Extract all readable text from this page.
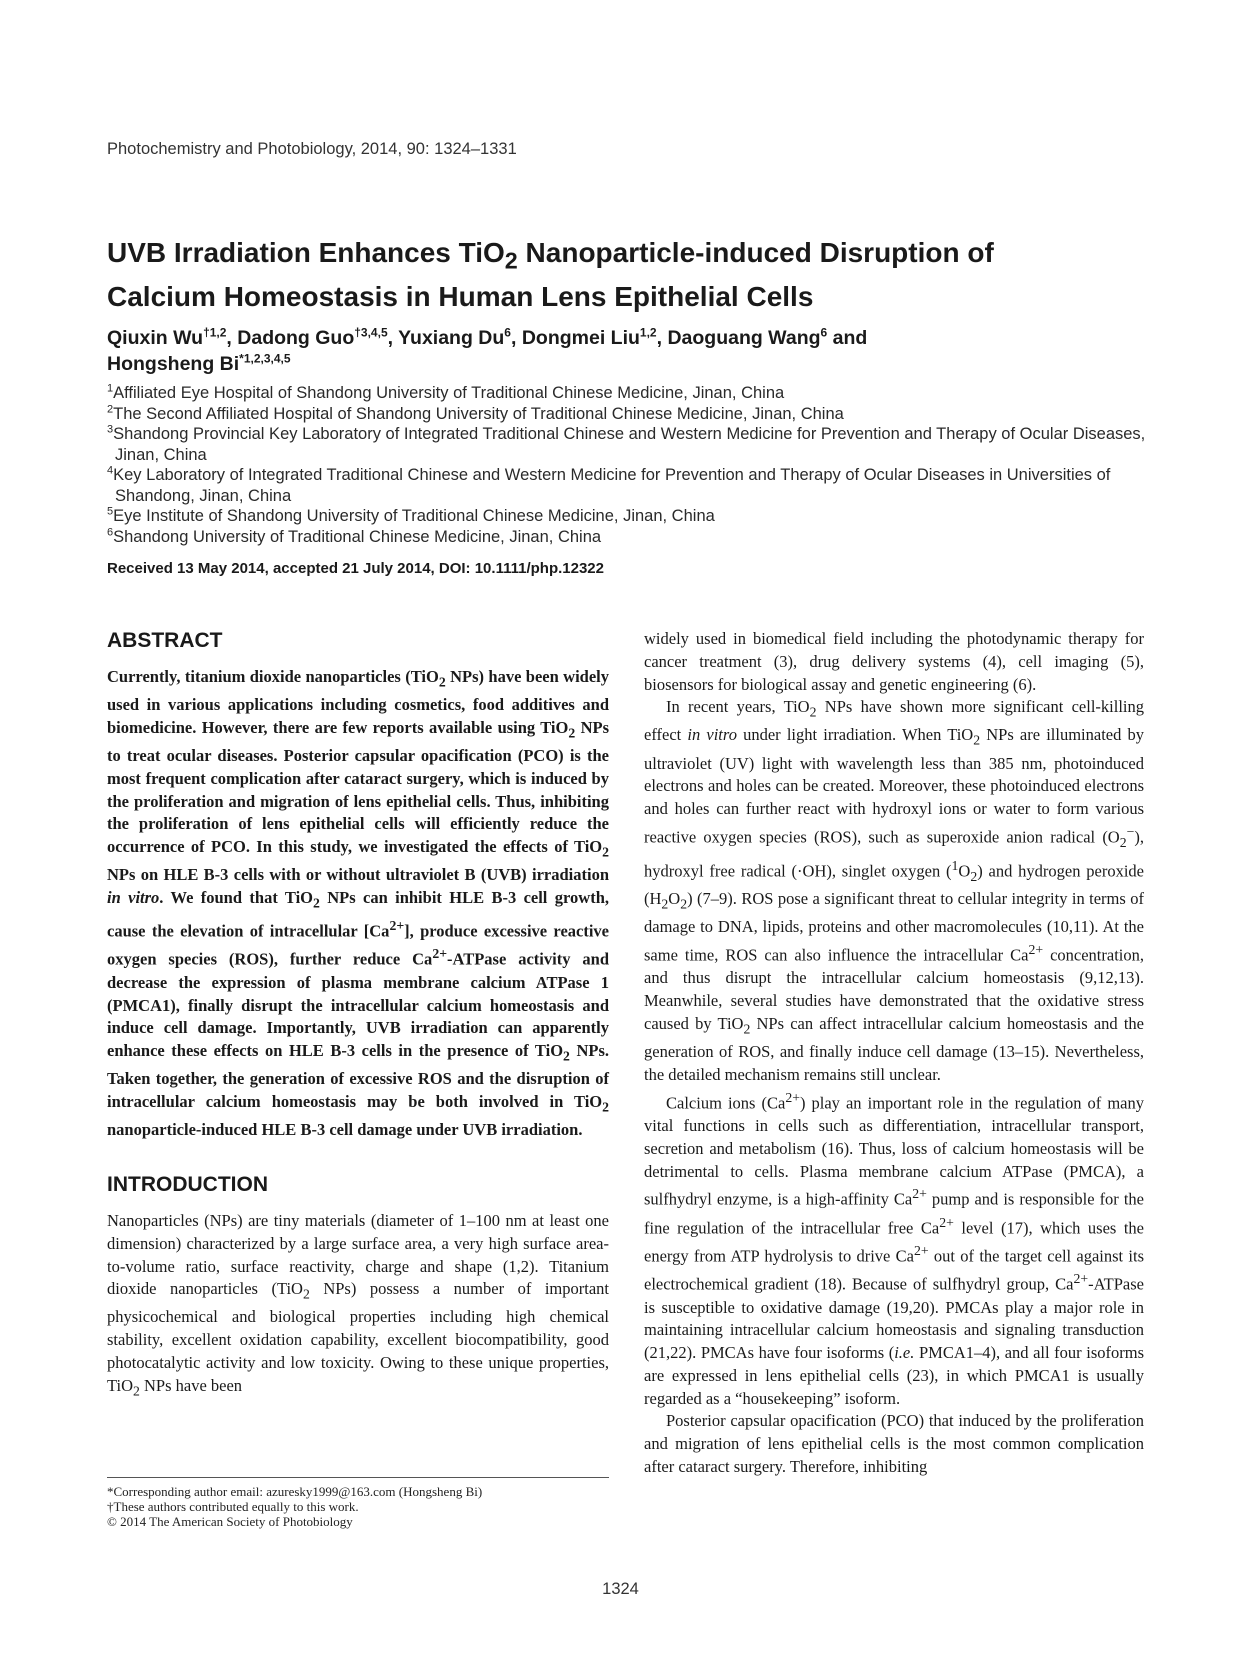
Photochemistry and Photobiology, 2014, 90: 1324–1331
UVB Irradiation Enhances TiO$_2$ Nanoparticle-induced Disruption of
Calcium Homeostasis in Human Lens Epithelial Cells
Qiuxin Wu$^{\dagger 1,2}$, Dadong Guo$^{\dagger 3,4,5}$, Yuxiang Du$^6$, Dongmei Liu$^{1,2}$, Daoguang Wang$^6$ and
Hongsheng Bi$^{*1,2,3,4,5}$
$^1$Affiliated Eye Hospital of Shandong University of Traditional Chinese Medicine, Jinan, China
$^2$The Second Affiliated Hospital of Shandong University of Traditional Chinese Medicine, Jinan, China
$^3$Shandong Provincial Key Laboratory of Integrated Traditional Chinese and Western Medicine for Prevention and Therapy of Ocular Diseases, Jinan, China
$^4$Key Laboratory of Integrated Traditional Chinese and Western Medicine for Prevention and Therapy of Ocular Diseases in Universities of Shandong, Jinan, China
$^5$Eye Institute of Shandong University of Traditional Chinese Medicine, Jinan, China
$^6$Shandong University of Traditional Chinese Medicine, Jinan, China
Received 13 May 2014, accepted 21 July 2014, DOI: 10.1111/php.12322
ABSTRACT

Currently, titanium dioxide nanoparticles (TiO$_2$ NPs) have been widely used in various applications including cosmetics, food additives and biomedicine. However, there are few reports available using TiO$_2$ NPs to treat ocular diseases. Posterior capsular opacification (PCO) is the most frequent complication after cataract surgery, which is induced by the proliferation and migration of lens epithelial cells. Thus, inhibiting the proliferation of lens epithelial cells will efficiently reduce the occurrence of PCO. In this study, we investigated the effects of TiO$_2$ NPs on HLE B-3 cells with or without ultraviolet B (UVB) irradiation in vitro. We found that TiO$_2$ NPs can inhibit HLE B-3 cell growth, cause the elevation of intracellular $[Ca^{2+}]$, produce excessive reactive oxygen species (ROS), further reduce $Ca^{2+}$-ATPase activity and decrease the expression of plasma membrane calcium ATPase 1 (PMCA1), finally disrupt the intracellular calcium homeostasis and induce cell damage. Importantly, UVB irradiation can apparently enhance these effects on HLE B-3 cells in the presence of TiO$_2$ NPs. Taken together, the generation of excessive ROS and the disruption of intracellular calcium homeostasis may be both involved in TiO$_2$ nanoparticle-induced HLE B-3 cell damage under UVB irradiation.

INTRODUCTION

Nanoparticles (NPs) are tiny materials (diameter of 1–100 nm at least one dimension) characterized by a large surface area, a very high surface area-to-volume ratio, surface reactivity, charge and shape (1,2). Titanium dioxide nanoparticles (TiO$_2$ NPs) possess a number of important physicochemical and biological properties including high chemical stability, excellent oxidation capability, excellent biocompatibility, good photocatalytic activity and low toxicity. Owing to these unique properties, TiO$_2$ NPs have been

widely used in biomedical field including the photodynamic therapy for cancer treatment (3), drug delivery systems (4), cell imaging (5), biosensors for biological assay and genetic engineering (6).

In recent years, TiO$_2$ NPs have shown more significant cell-killing effect in vitro under light irradiation. When TiO$_2$ NPs are illuminated by ultraviolet (UV) light with wavelength less than 385 nm, photoinduced electrons and holes can be created. Moreover, these photoinduced electrons and holes can further react with hydroxyl ions or water to form various reactive oxygen species (ROS), such as superoxide anion radical $(O_2^-)$, hydroxyl free radical (·OH), singlet oxygen $(^1O_2)$ and hydrogen peroxide $(H_2O_2)$ (7–9). ROS pose a significant threat to cellular integrity in terms of damage to DNA, lipids, proteins and other macromolecules (10,11). At the same time, ROS can also influence the intracellular $Ca^{2+}$ concentration, and thus disrupt the intracellular calcium homeostasis (9,12,13). Meanwhile, several studies have demonstrated that the oxidative stress caused by TiO$_2$ NPs can affect intracellular calcium homeostasis and the generation of ROS, and finally induce cell damage (13–15). Nevertheless, the detailed mechanism remains still unclear.

Calcium ions $(Ca^{2+})$ play an important role in the regulation of many vital functions in cells such as differentiation, intracellular transport, secretion and metabolism (16). Thus, loss of calcium homeostasis will be detrimental to cells. Plasma membrane calcium ATPase (PMCA), a sulfhydryl enzyme, is a high-affinity $Ca^{2+}$ pump and is responsible for the fine regulation of the intracellular free $Ca^{2+}$ level (17), which uses the energy from ATP hydrolysis to drive $Ca^{2+}$ out of the target cell against its electrochemical gradient (18). Because of sulfhydryl group, $Ca^{2+}$-ATPase is susceptible to oxidative damage (19,20). PMCAs play a major role in maintaining intracellular calcium homeostasis and signaling transduction (21,22). PMCAs have four isoforms (i.e. PMCA1–4), and all four isoforms are expressed in lens epithelial cells (23), in which PMCA1 is usually regarded as a “housekeeping” isoform.

Posterior capsular opacification (PCO) that induced by the proliferation and migration of lens epithelial cells is the most common complication after cataract surgery. Therefore, inhibiting

*Corresponding author email: azuresky1999@163.com (Hongsheng Bi)
†These authors contributed equally to this work.
© 2014 The American Society of Photobiology
1324
